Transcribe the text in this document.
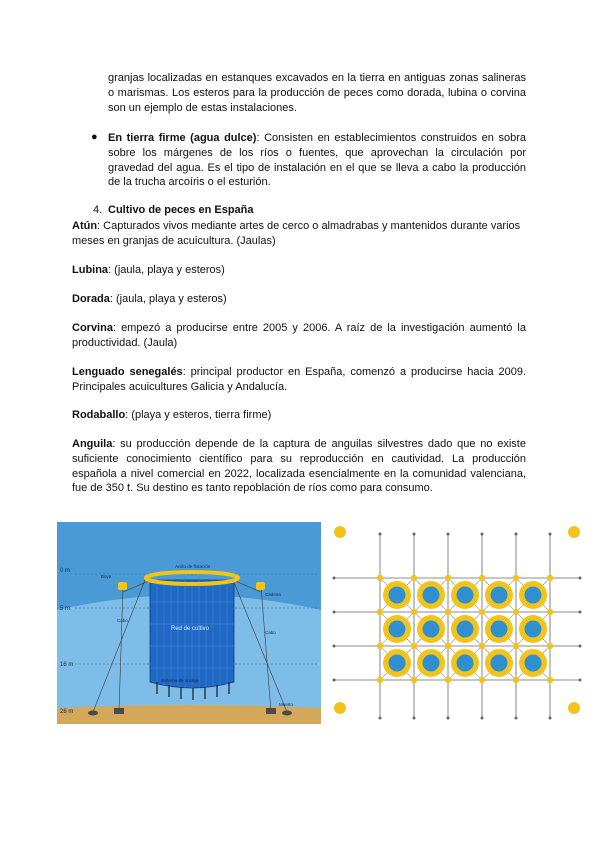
granjas localizadas en estanques excavados en la tierra en antiguas zonas salineras o marismas. Los esteros para la producción de peces como dorada, lubina o corvina son un ejemplo de estas instalaciones.

● En tierra firme (agua dulce): Consisten en establecimientos construidos en sobra sobre los márgenes de los ríos o fuentes, que aprovechan la circulación por gravedad del agua. Es el tipo de instalación en el que se lleva a cabo la producción de la trucha arcoíris o el esturión.

4. Cultivo de peces en España

Atún: Capturados vivos mediante artes de cerco o almadrabas y mantenidos durante varios meses en granjas de acuicultura. (Jaulas)

Lubina: (jaula, playa y esteros)

Dorada: (jaula, playa y esteros)

Corvina: empezó a producirse entre 2005 y 2006. A raíz de la investigación aumentó la productividad. (Jaula)

Lenguado senegalés: principal productor en España, comenzó a producirse hacia 2009. Principales acuicultures Galicia y Andalucía.

Rodaballo: (playa y esteros, tierra firme)

Anguila: su producción depende de la captura de anguilas silvestres dado que no existe suficiente conocimiento científico para su reproducción en cautividad. La producción española a nivel comercial en 2022, localizada esencialmente en la comunidad valenciana, fue de 350 t. Su destino es tanto repoblación de ríos como para consumo.

0 m
5 m
16 m
28 m
Anillo de flotación
Boya
Cadena
Cabo
Cabo
Sistema de anclaje
Muerto
Red de cultivo
